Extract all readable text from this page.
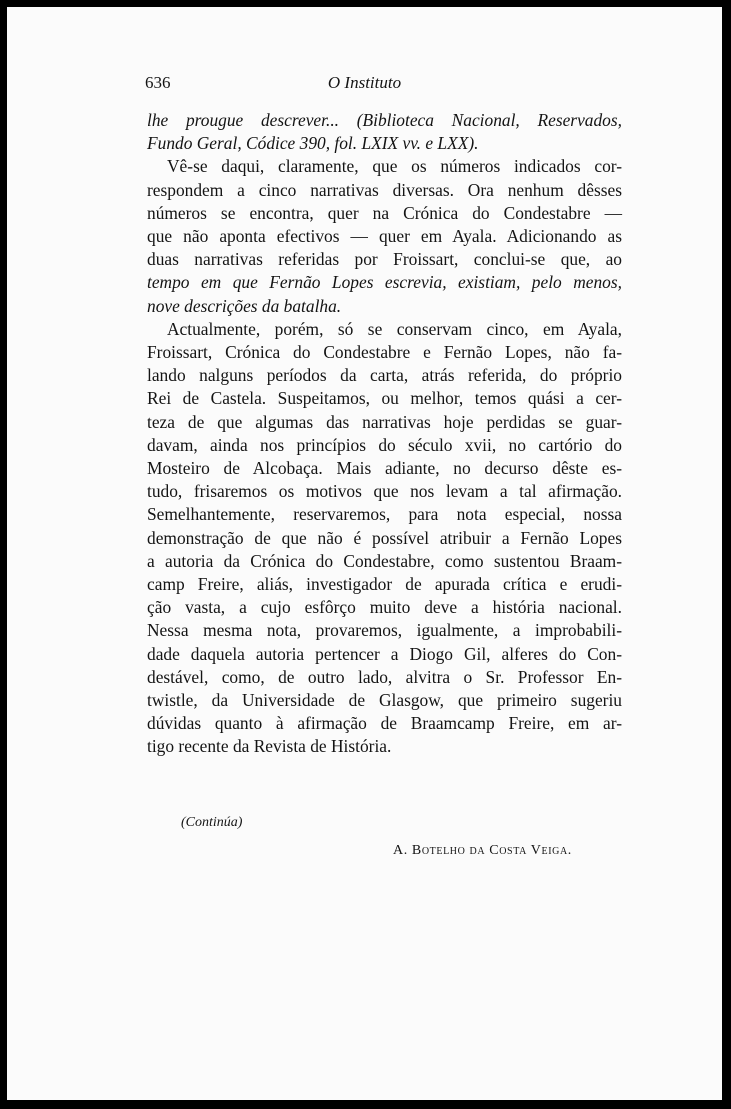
636	O Instituto
lhe prougue descrever... (Biblioteca Nacional, Reservados,
Fundo Geral, Códice 390, fol. LXIX vv. e LXX).
Vê-se daqui, claramente, que os números indicados cor-
respondem a cinco narrativas diversas. Ora nenhum dêsses
números se encontra, quer na Crónica do Condestabre —
que não aponta efectivos — quer em Ayala. Adicionando as
duas narrativas referidas por Froissart, conclui-se que, ao
tempo em que Fernão Lopes escrevia, existiam, pelo menos,
nove descrições da batalha.
Actualmente, porém, só se conservam cinco, em Ayala,
Froissart, Crónica do Condestabre e Fernão Lopes, não fa-
lando nalguns períodos da carta, atrás referida, do próprio
Rei de Castela. Suspeitamos, ou melhor, temos quási a cer-
teza de que algumas das narrativas hoje perdidas se guar-
davam, ainda nos princípios do século xvii, no cartório do
Mosteiro de Alcobaça. Mais adiante, no decurso dêste es-
tudo, frisaremos os motivos que nos levam a tal afirmação.
Semelhantemente, reservaremos, para nota especial, nossa
demonstração de que não é possível atribuir a Fernão Lopes
a autoria da Crónica do Condestabre, como sustentou Braam-
camp Freire, aliás, investigador de apurada crítica e erudi-
ção vasta, a cujo esfôrço muito deve a história nacional.
Nessa mesma nota, provaremos, igualmente, a improbabili-
dade daquela autoria pertencer a Diogo Gil, alferes do Con-
destável, como, de outro lado, alvitra o Sr. Professor En-
twistle, da Universidade de Glasgow, que primeiro sugeriu
dúvidas quanto à afirmação de Braamcamp Freire, em ar-
tigo recente da Revista de História.
(Continúa)
A. Botelho da Costa Veiga.
